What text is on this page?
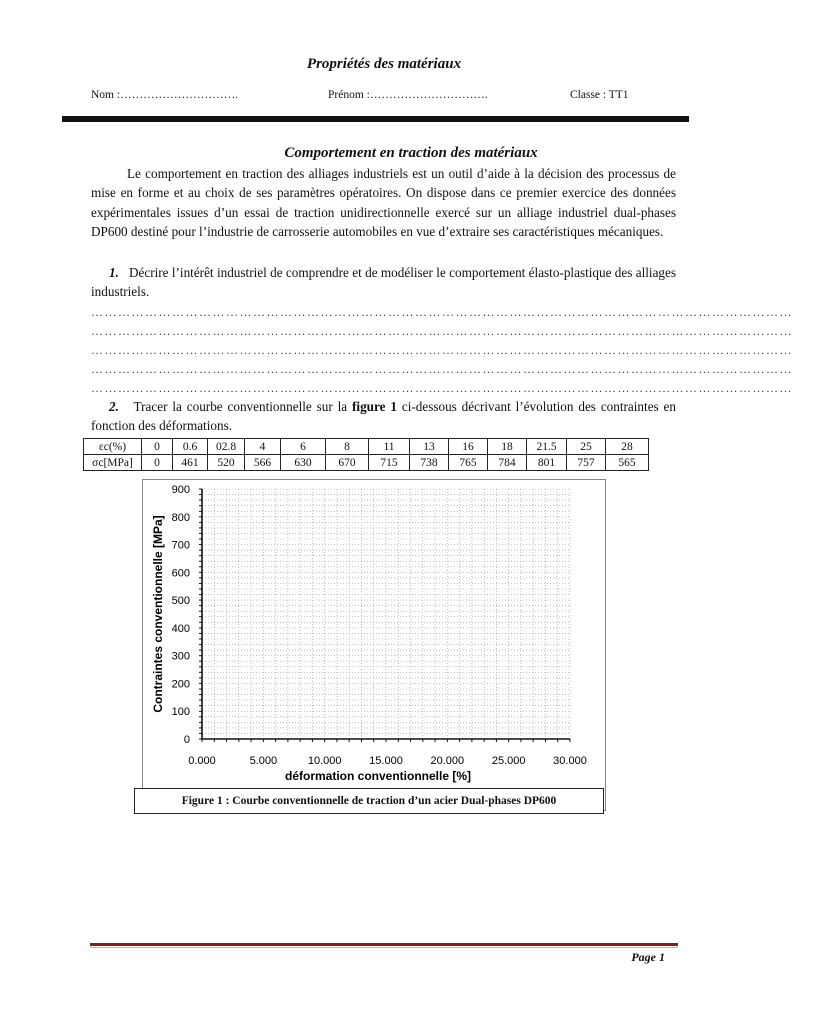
Propriétés des matériaux
Nom :………………………….	Prénom :………………………….	Classe : TT1
Comportement en traction des matériaux
Le comportement en traction des alliages industriels est un outil d’aide à la décision des processus de mise en forme et au choix de ses paramètres opératoires. On dispose dans ce premier exercice des données expérimentales issues d’un essai de traction unidirectionnelle exercé sur un alliage industriel dual-phases DP600 destiné pour l’industrie de carrosserie automobiles en vue d’extraire ses caractéristiques mécaniques.
1. Décrire l’intérêt industriel de comprendre et de modéliser le comportement élasto-plastique des alliages industriels.
…………………………………………………………………………………………………………………………………………
…………………………………………………………………………………………………………………………………………
…………………………………………………………………………………………………………………………………………
…………………………………………………………………………………………………………………………………………
…………………………………………………………………………………………………………………………………………
2. Tracer la courbe conventionnelle sur la figure 1 ci-dessous décrivant l’évolution des contraintes en fonction des déformations.
εc(%)	0	0.6	02.8	4	6	8	11	13	16	18	21.5	25	28
σc[MPa]	0	461	520	566	630	670	715	738	765	784	801	757	565
0
100
200
300
400
500
600
700
800
900
0.000	5.000	10.000	15.000	20.000	25.000	30.000
déformation conventionnelle [%]
Contraintes conventionnelle [MPa]
Figure 1 : Courbe conventionnelle de traction d’un acier Dual-phases DP600
Page 1
